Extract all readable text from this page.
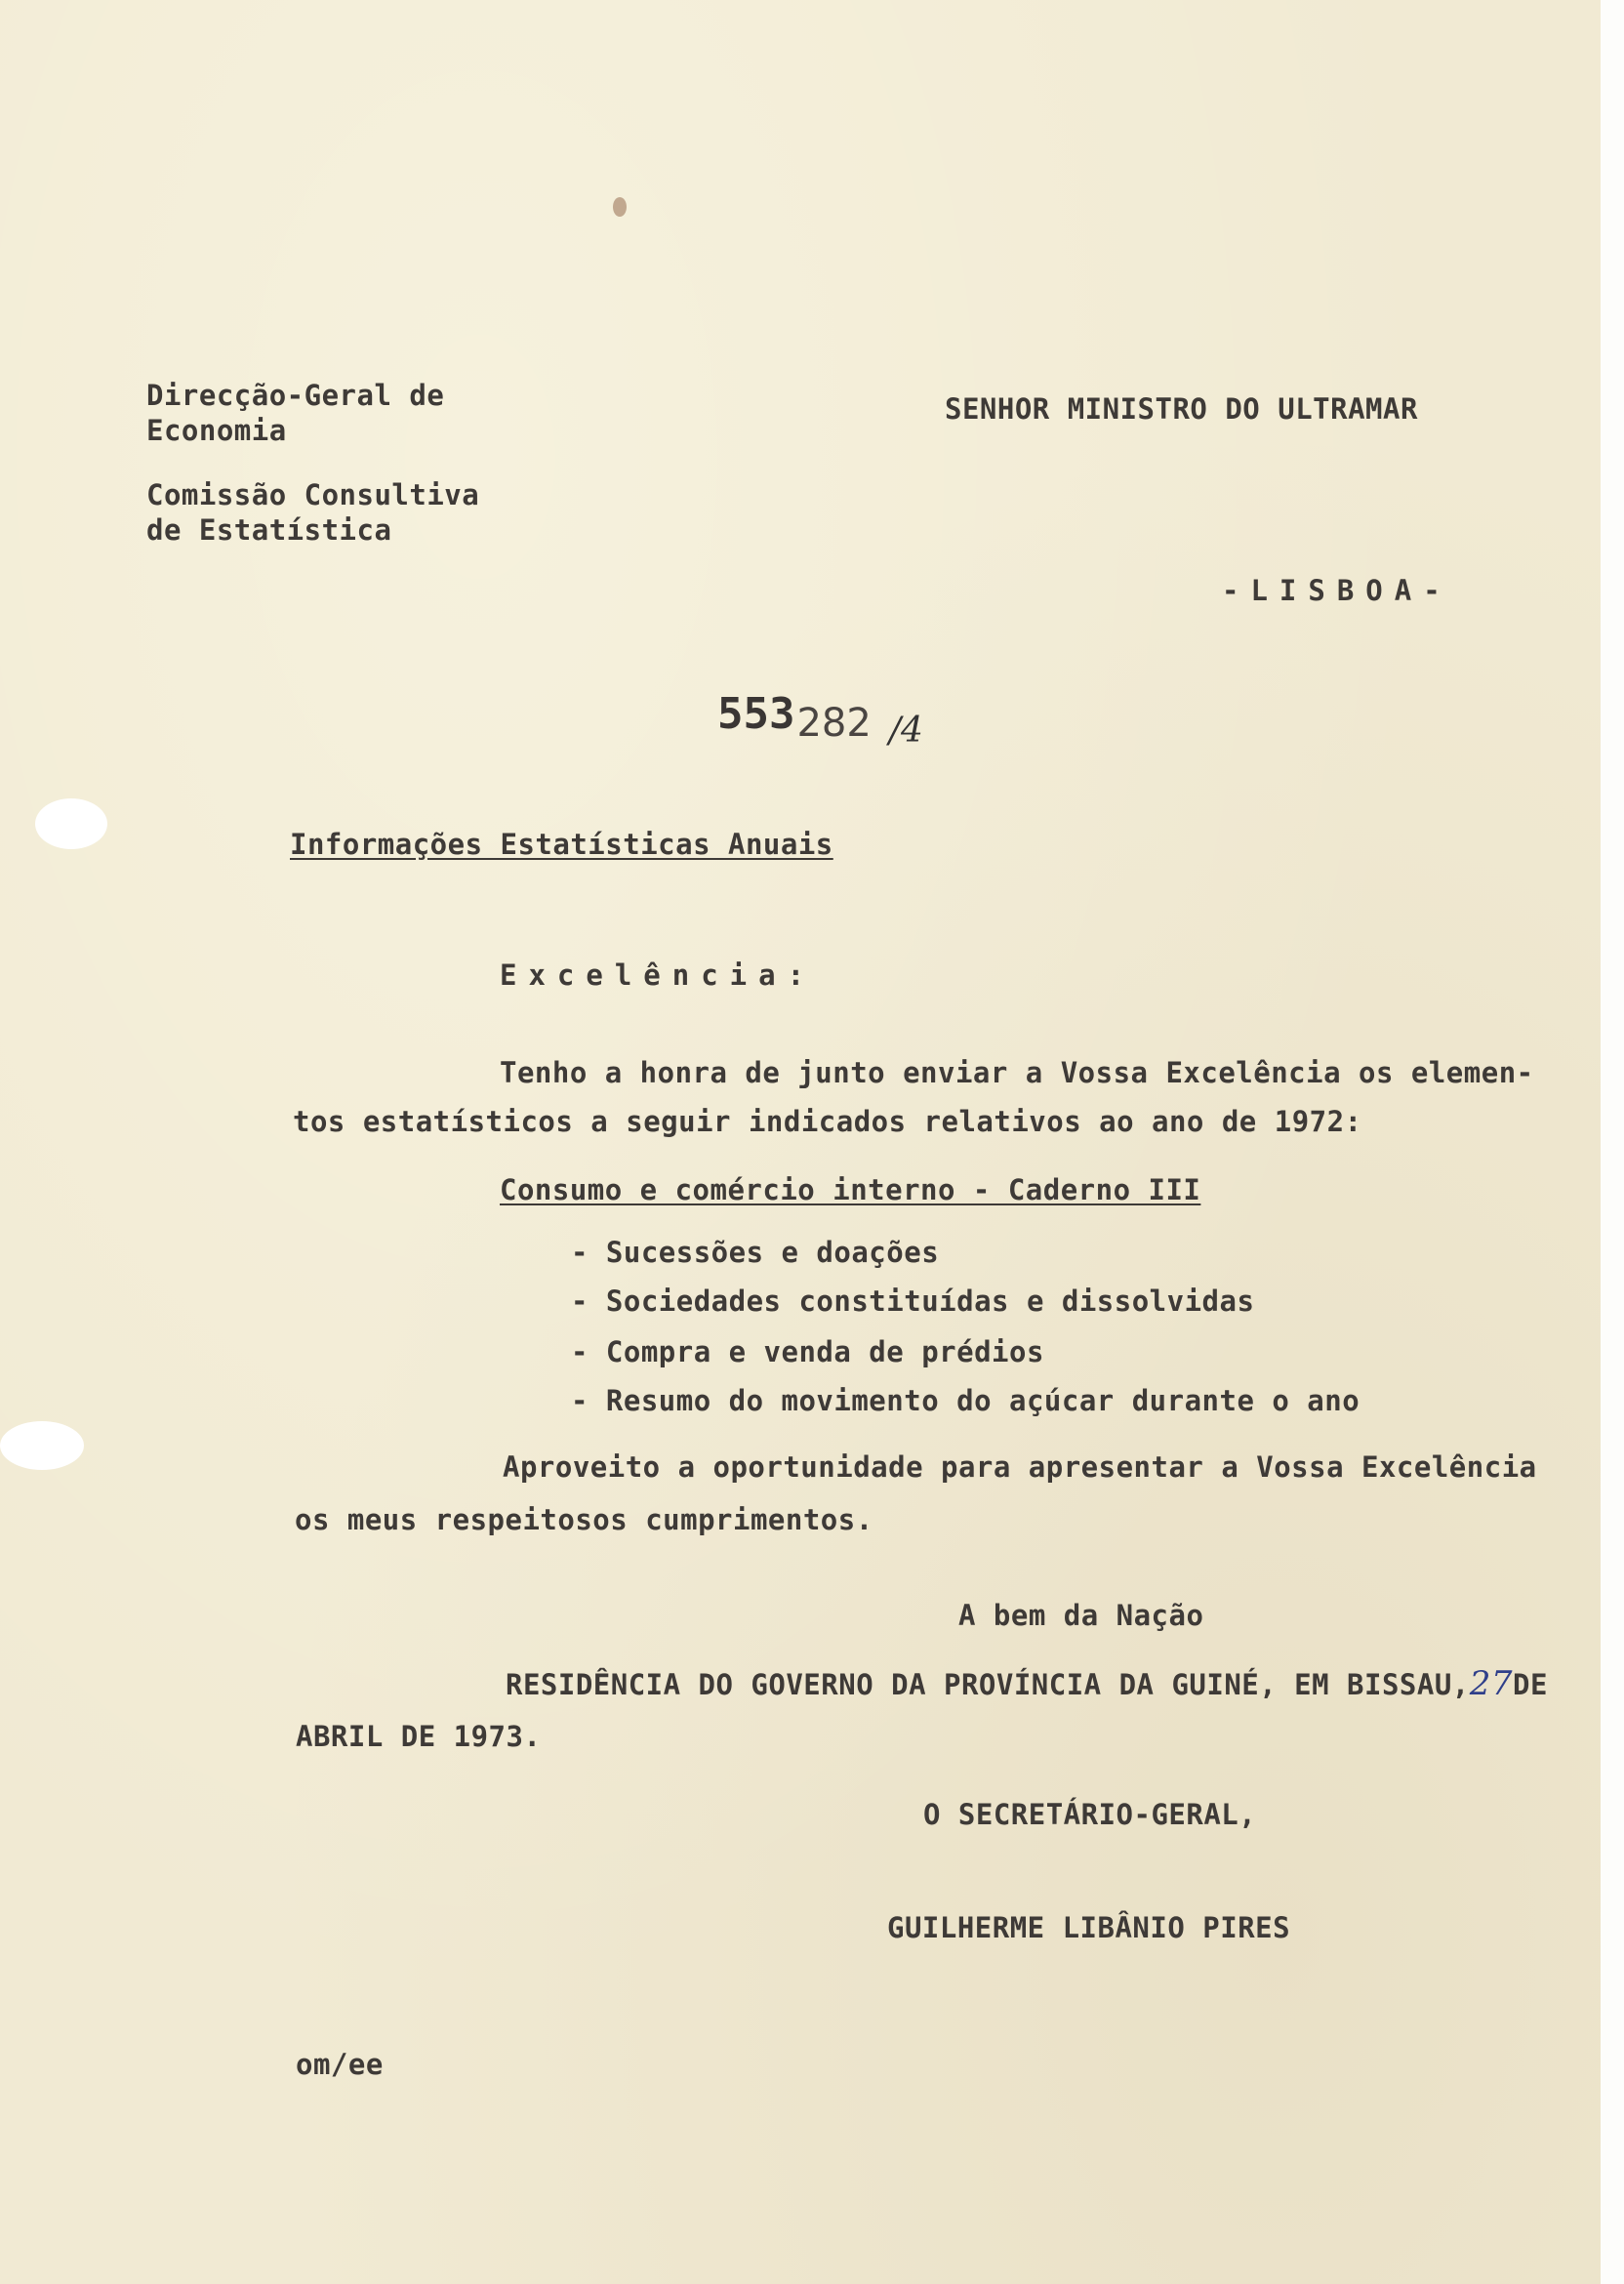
Direcção-Geral de
Economia
Comissão Consultiva
de Estatística
SENHOR MINISTRO DO ULTRAMAR
-LISBOA-
553282 $_{/4}$
Informações Estatísticas Anuais
Excelência:
Tenho a honra de junto enviar a Vossa Excelência os elemen-
tos estatísticos a seguir indicados relativos ao ano de 1972:
Consumo e comércio interno - Caderno III
- Sucessões e doações
- Sociedades constituídas e dissolvidas
- Compra e venda de prédios
- Resumo do movimento do açúcar durante o ano
Aproveito a oportunidade para apresentar a Vossa Excelência
os meus respeitosos cumprimentos.
A bem da Nação
RESIDÊNCIA DO GOVERNO DA PROVÍNCIA DA GUINÉ, EM BISSAU,27DE
ABRIL DE 1973.
O SECRETÁRIO-GERAL,
GUILHERME LIBÂNIO PIRES
om/ee
